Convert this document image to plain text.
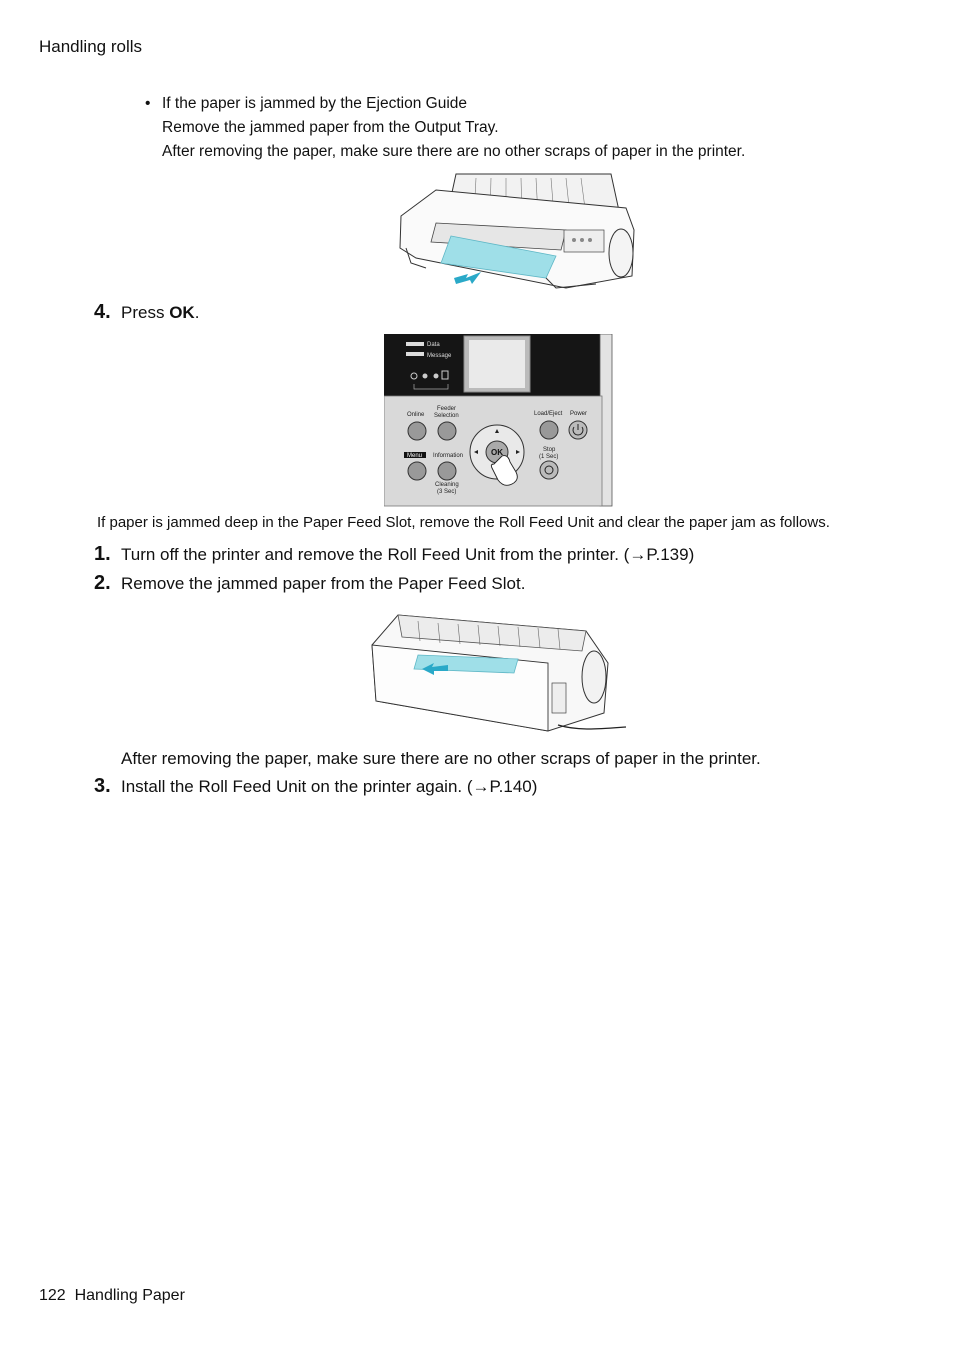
Handling rolls
• If the paper is jammed by the Ejection Guide
Remove the jammed paper from the Output Tray.
After removing the paper, make sure there are no other scraps of paper in the printer.
4. Press OK.
Data
Message
Online
Feeder
Selection
Menu Information
Cleaning
(3 Sec)
OK
Load/Eject Power
Stop
(1 Sec)
If paper is jammed deep in the Paper Feed Slot, remove the Roll Feed Unit and clear the paper jam as follows.
1. Turn off the printer and remove the Roll Feed Unit from the printer. (→P.139)
2. Remove the jammed paper from the Paper Feed Slot.
After removing the paper, make sure there are no other scraps of paper in the printer.
3. Install the Roll Feed Unit on the printer again. (→P.140)
122 Handling Paper
